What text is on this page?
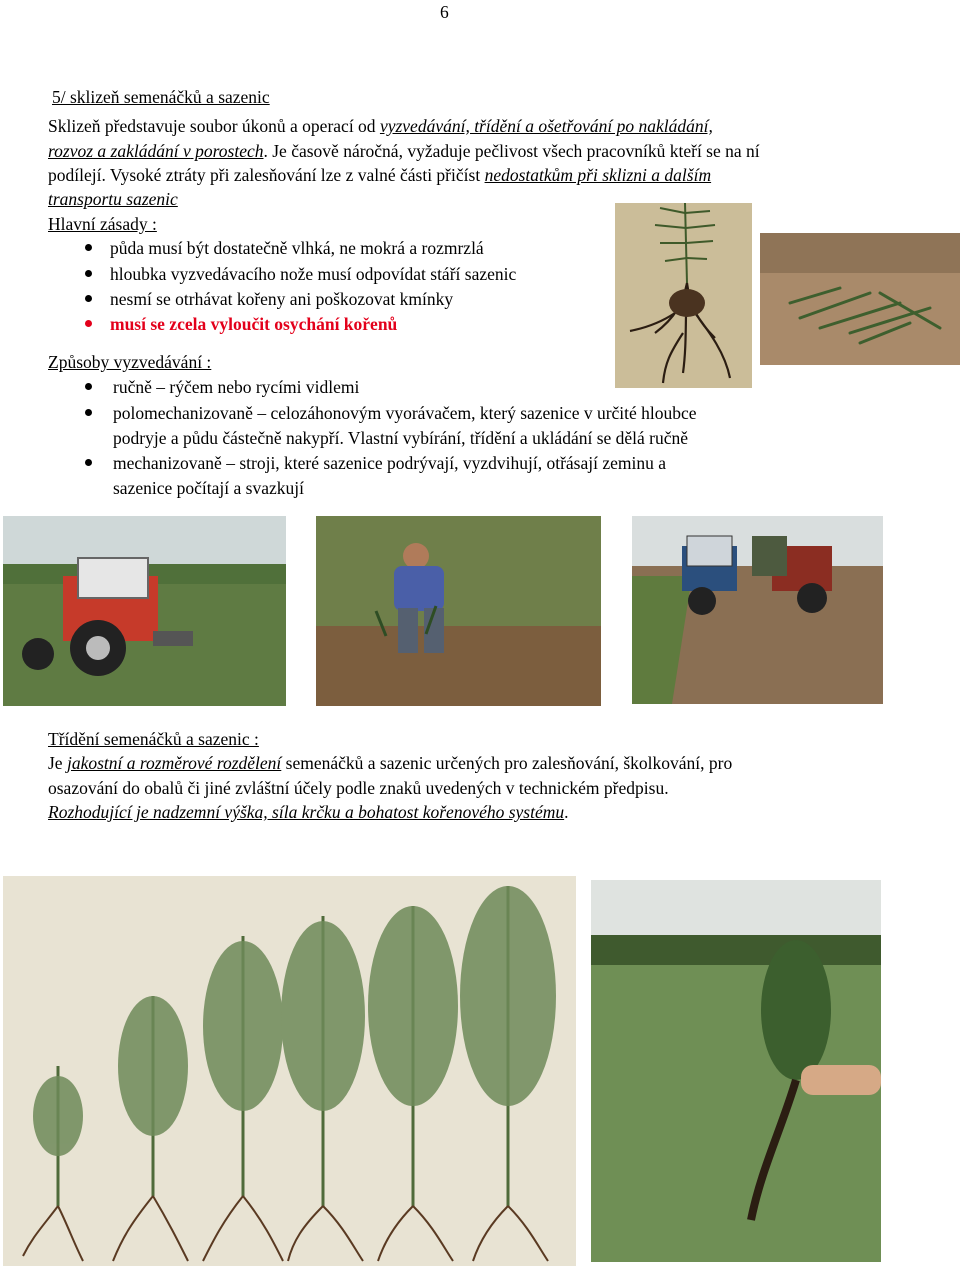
6
5/ sklizeň semenáčků a sazenic
Sklizeň představuje soubor úkonů a operací od vyzvedávání, třídění a ošetřování po nakládání,
rozvoz a zakládání v porostech. Je časově náročná, vyžaduje pečlivost všech pracovníků kteří se na ní
podílejí. Vysoké ztráty při zalesňování lze z valné části přičíst nedostatkům při sklizni a dalším
transportu sazenic
Hlavní zásady :
půda musí být dostatečně vlhká, ne mokrá a rozmrzlá
hloubka vyzvedávacího nože musí odpovídat stáří sazenic
nesmí se otrhávat kořeny ani poškozovat kmínky
musí se zcela vyloučit osychání kořenů
Způsoby vyzvedávání :
ručně – rýčem nebo rycími vidlemi
polomechanizovaně – celozáhonovým vyorávačem, který sazenice v určité hloubce
podryje a půdu částečně nakypří. Vlastní vybírání, třídění a ukládání se dělá ručně
mechanizovaně – stroji, které sazenice podrývají, vyzdvihují, otřásají zeminu a
sazenice počítají a svazkují
Třídění semenáčků a sazenic :
Je jakostní a rozměrové rozdělení semenáčků a sazenic určených pro zalesňování, školkování, pro
osazování do obalů či jiné zvláštní účely podle znaků uvedených v technickém předpisu.
Rozhodující je nadzemní výška, síla krčku a bohatost kořenového systému.
